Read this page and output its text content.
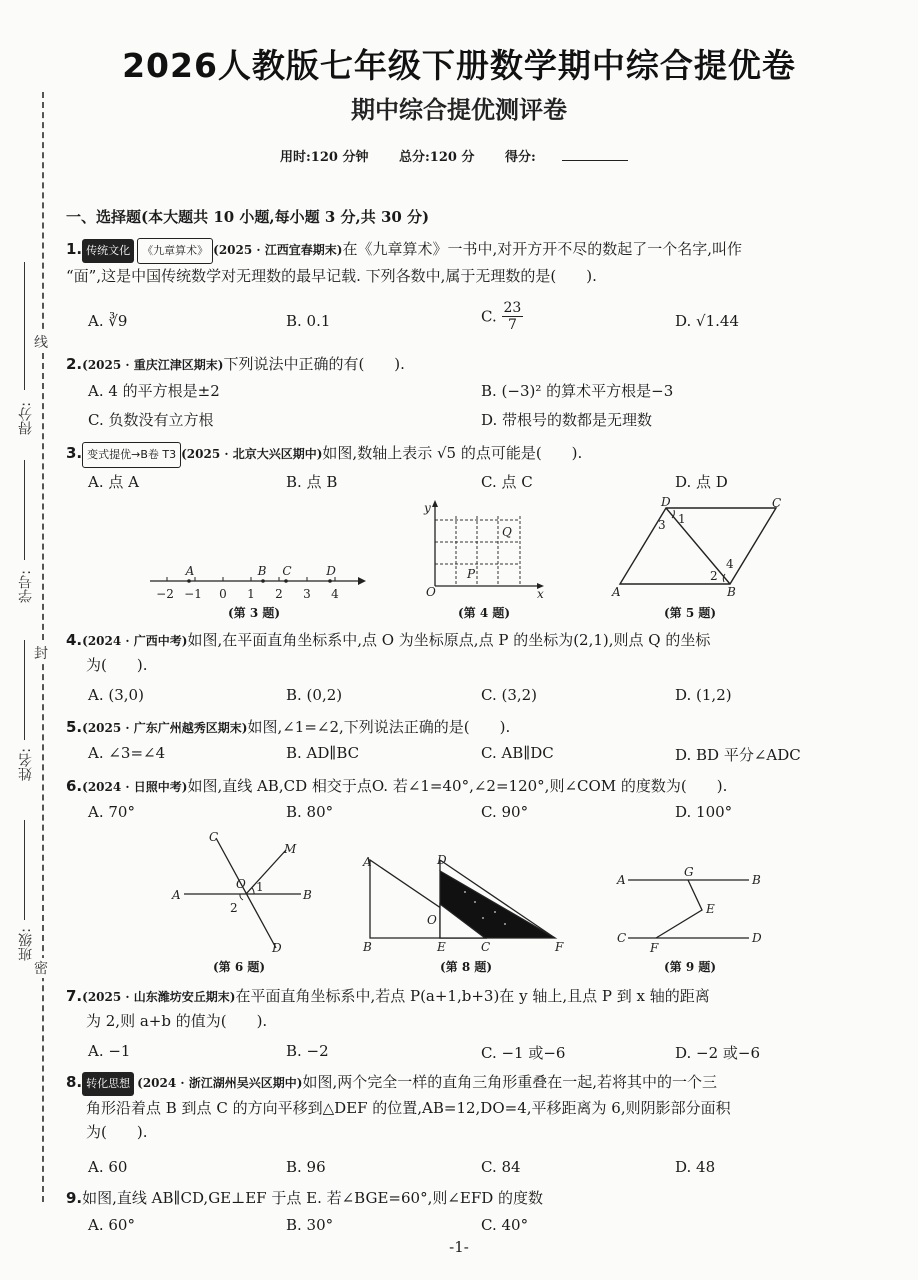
2026人教版七年级下册数学期中综合提优卷
期中综合提优测评卷
用时:120 分钟 总分:120 分 得分:
线
封
密
得分:
学号:
姓名:
班级:
一、选择题(本大题共 10 小题,每小题 3 分,共 30 分)
1. 传统文化 《九章算术》 (2025 · 江西宜春期末)在《九章算术》一书中,对开方开不尽的数起了一个名字,叫作
“面”,这是中国传统数学对无理数的最早记载. 下列各数中,属于无理数的是(　　).
A. ∛9	B. 0.1	C. $\frac{23}{7}$	D. √1.44
2.(2025 · 重庆江津区期末)下列说法中正确的有(　　).
A. 4 的平方根是±2	B. (−3)² 的算术平方根是−3
C. 负数没有立方根	D. 带根号的数都是无理数
3. 变式提优→B卷 T3 (2025 · 北京大兴区期中)如图,数轴上表示 √5 的点可能是(　　).
A. 点 A	B. 点 B	C. 点 C	D. 点 D
−2 −1 0 1 2 3 4
A	B C	D
(第 3 题)
y
O	x
P
Q
(第 4 题)
1
3
2
4
D	C
A	B
(第 5 题)
4.(2024 · 广西中考)如图,在平面直角坐标系中,点 O 为坐标原点,点 P 的坐标为(2,1),则点 Q 的坐标
为(　　).
A. (3,0)	B. (0,2)	C. (3,2)	D. (1,2)
5.(2025 · 广东广州越秀区期末)如图,∠1=∠2,下列说法正确的是(　　).
A. ∠3=∠4	B. AD∥BC	C. AB∥DC	D. BD 平分∠ADC
6.(2024 · 日照中考)如图,直线 AB,CD 相交于点O. 若∠1=40°,∠2=120°,则∠COM 的度数为(　　).
A. 70°	B. 80°	C. 90°	D. 100°
1
2
C
M
A	B
O
D
(第 6 题)
A	D
O
B	E	C	F
(第 8 题)
A	B
G
E
C	D
F
(第 9 题)
7.(2025 · 山东潍坊安丘期末)在平面直角坐标系中,若点 P(a+1,b+3)在 y 轴上,且点 P 到 x 轴的距离
为 2,则 a+b 的值为(　　).
A. −1	B. −2	C. −1 或−6	D. −2 或−6
8. 转化思想 (2024 · 浙江湖州吴兴区期中)如图,两个完全一样的直角三角形重叠在一起,若将其中的一个三
角形沿着点 B 到点 C 的方向平移到△DEF 的位置,AB=12,DO=4,平移距离为 6,则阴影部分面积
为(　　).
A. 60	B. 96	C. 84	D. 48
9.如图,直线 AB∥CD,GE⊥EF 于点 E. 若∠BGE=60°,则∠EFD 的度数
A. 60°	B. 30°	C. 40°
-1-
